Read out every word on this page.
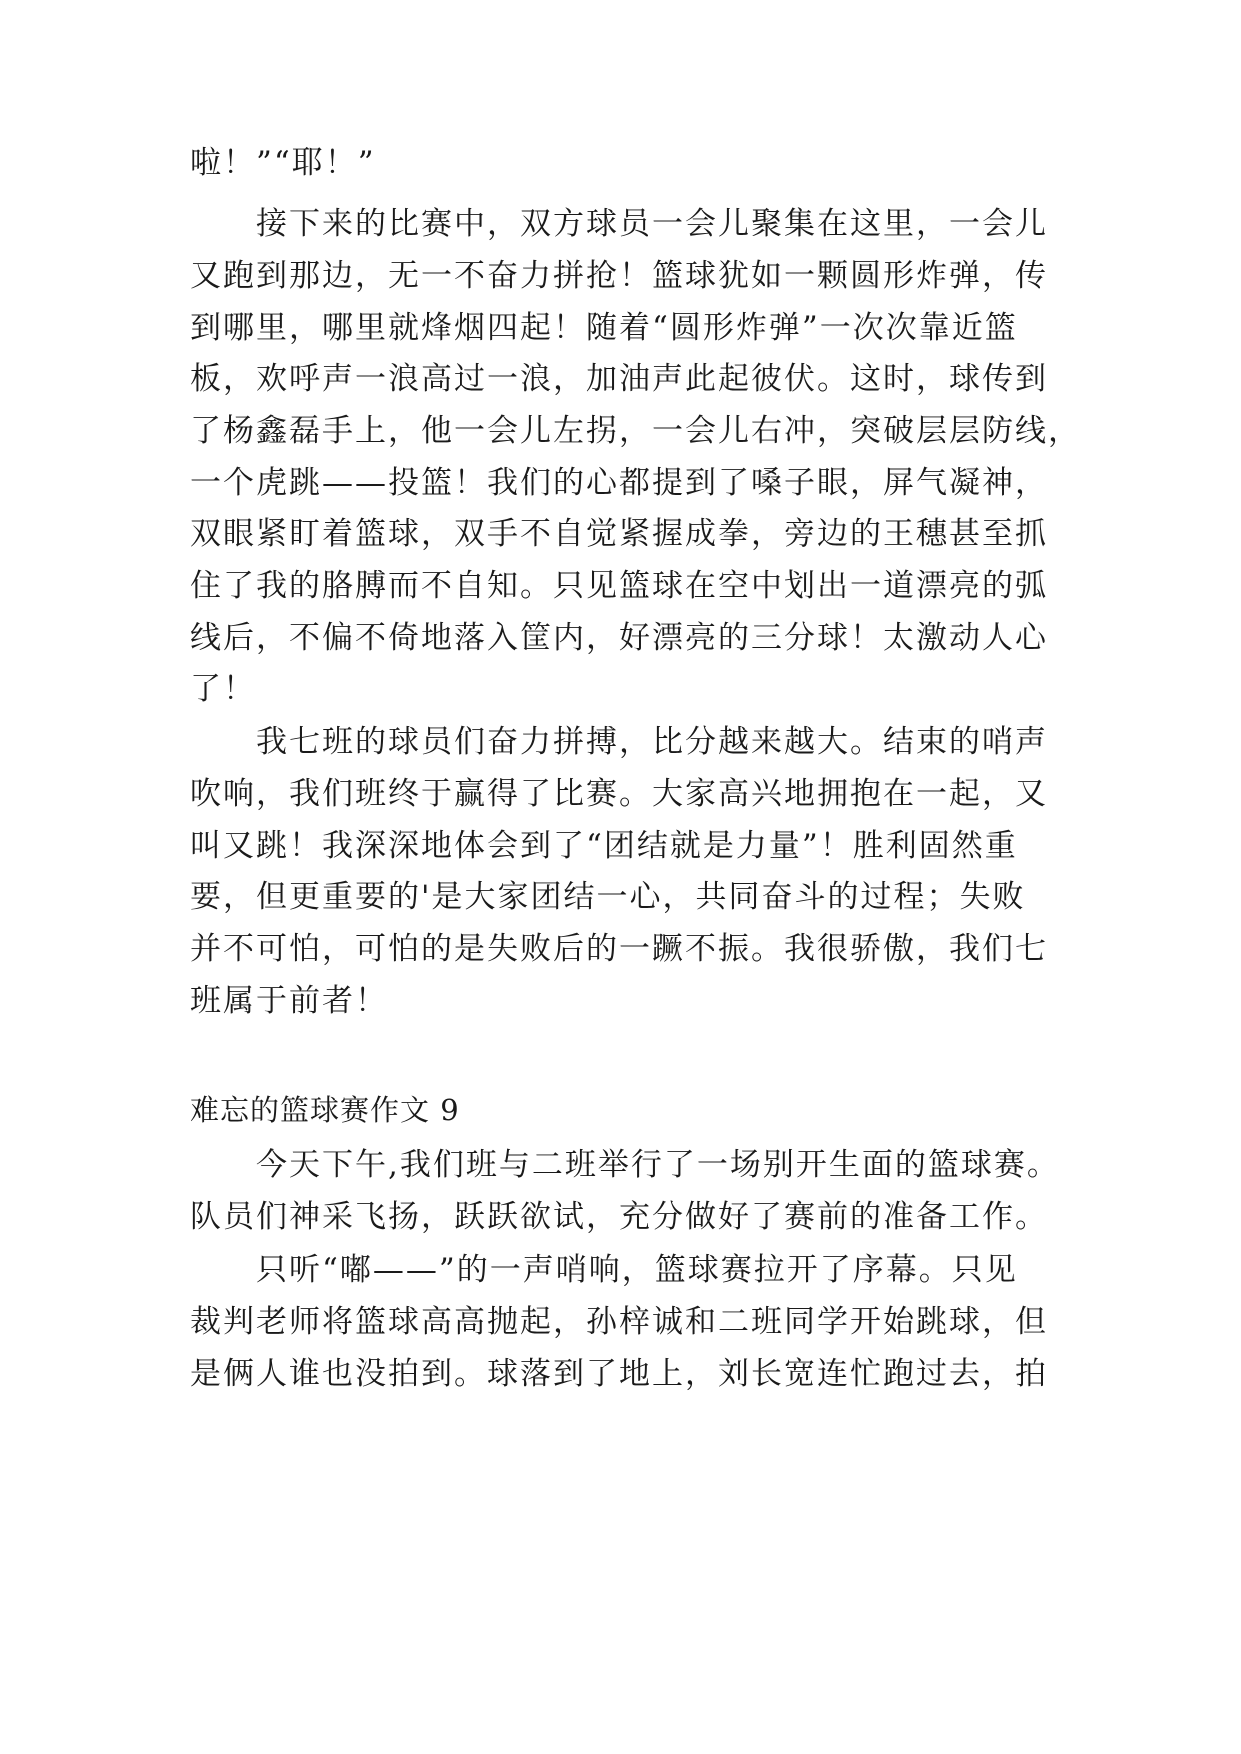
啦！”“耶！”
接下来的比赛中，双方球员一会儿聚集在这里，一会儿
又跑到那边，无一不奋力拼抢！篮球犹如一颗圆形炸弹，传
到哪里，哪里就烽烟四起！随着“圆形炸弹”一次次靠近篮
板，欢呼声一浪高过一浪，加油声此起彼伏。这时，球传到
了杨鑫磊手上，他一会儿左拐，一会儿右冲，突破层层防线，
一个虎跳——投篮！我们的心都提到了嗓子眼，屏气凝神，
双眼紧盯着篮球，双手不自觉紧握成拳，旁边的王穗甚至抓
住了我的胳膊而不自知。只见篮球在空中划出一道漂亮的弧
线后，不偏不倚地落入筐内，好漂亮的三分球！太激动人心
了！
我七班的球员们奋力拼搏，比分越来越大。结束的哨声
吹响，我们班终于赢得了比赛。大家高兴地拥抱在一起，又
叫又跳！我深深地体会到了“团结就是力量”！胜利固然重
要，但更重要的'是大家团结一心，共同奋斗的过程；失败
并不可怕，可怕的是失败后的一蹶不振。我很骄傲，我们七
班属于前者！
难忘的篮球赛作文 9
今天下午,我们班与二班举行了一场别开生面的篮球赛。
队员们神采飞扬，跃跃欲试，充分做好了赛前的准备工作。
只听“嘟——”的一声哨响，篮球赛拉开了序幕。只见
裁判老师将篮球高高抛起，孙梓诚和二班同学开始跳球，但
是俩人谁也没拍到。球落到了地上，刘长宽连忙跑过去，拍
